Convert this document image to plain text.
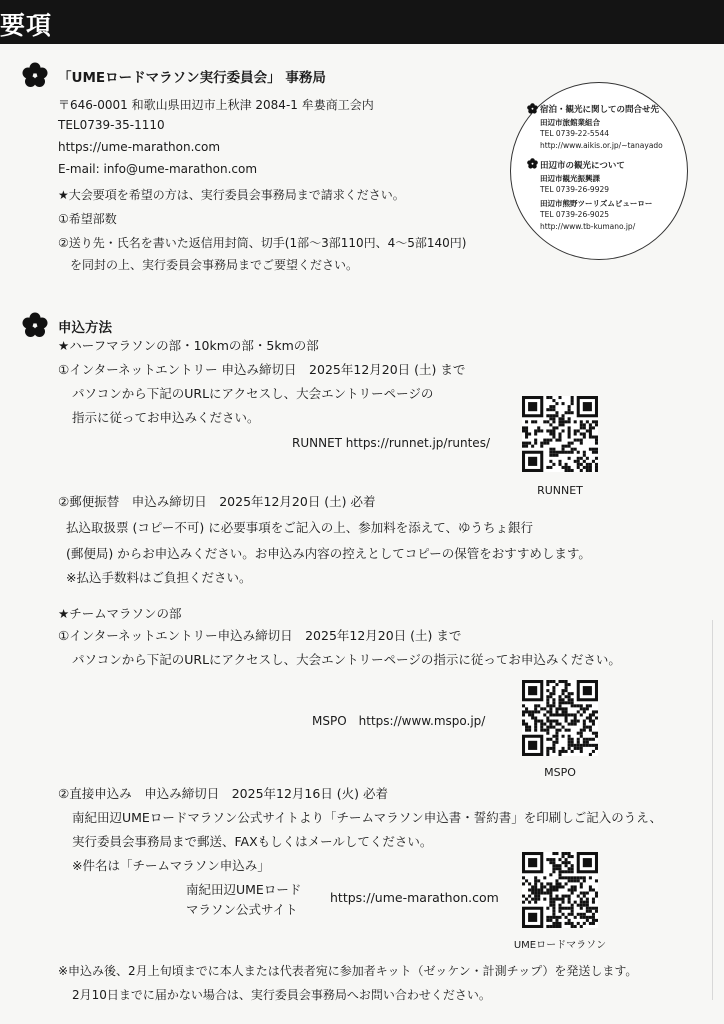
要項
「UMEロードマラソン実行委員会」 事務局
〒646-0001 和歌山県田辺市上秋津 2084-1 牟婁商工会内
TEL0739-35-1110
https://ume-marathon.com
E-mail: info@ume-marathon.com
★大会要項を希望の方は、実行委員会事務局まで請求ください。
①希望部数
②送り先・氏名を書いた返信用封筒、切手(1部～3部110円、4～5部140円)
を同封の上、実行委員会事務局までご要望ください。
宿泊・観光に関しての問合せ先
田辺市旅館業組合
TEL 0739-22-5544
http://www.aikis.or.jp/~tanayado
田辺市の観光について
田辺市観光振興課
TEL 0739-26-9929
田辺市熊野ツーリズムビューロー
TEL 0739-26-9025
http://www.tb-kumano.jp/
申込方法
★ハーフマラソンの部・10kmの部・5kmの部
①インターネットエントリー 申込み締切日　2025年12月20日 (土) まで
パソコンから下記のURLにアクセスし、大会エントリーページの
指示に従ってお申込みください。
RUNNET https://runnet.jp/runtes/
RUNNET
②郵便振替　申込み締切日　2025年12月20日 (土) 必着
払込取扱票 (コピー不可) に必要事項をご記入の上、参加料を添えて、ゆうちょ銀行
(郵便局) からお申込みください。お申込み内容の控えとしてコピーの保管をおすすめします。
※払込手数料はご負担ください。
★チームマラソンの部
①インターネットエントリー申込み締切日　2025年12月20日 (土) まで
パソコンから下記のURLにアクセスし、大会エントリーページの指示に従ってお申込みください。
MSPO　https://www.mspo.jp/
MSPO
②直接申込み　申込み締切日　2025年12月16日 (火) 必着
南紀田辺UMEロードマラソン公式サイトより「チームマラソン申込書・誓約書」を印刷しご記入のうえ、
実行委員会事務局まで郵送、FAXもしくはメールしてください。
※件名は「チームマラソン申込み」
南紀田辺UMEロード
マラソン公式サイト
https://ume-marathon.com
UMEロードマラソン
※申込み後、2月上旬頃までに本人または代表者宛に参加者キット（ゼッケン・計測チップ）を発送します。
2月10日までに届かない場合は、実行委員会事務局へお問い合わせください。
